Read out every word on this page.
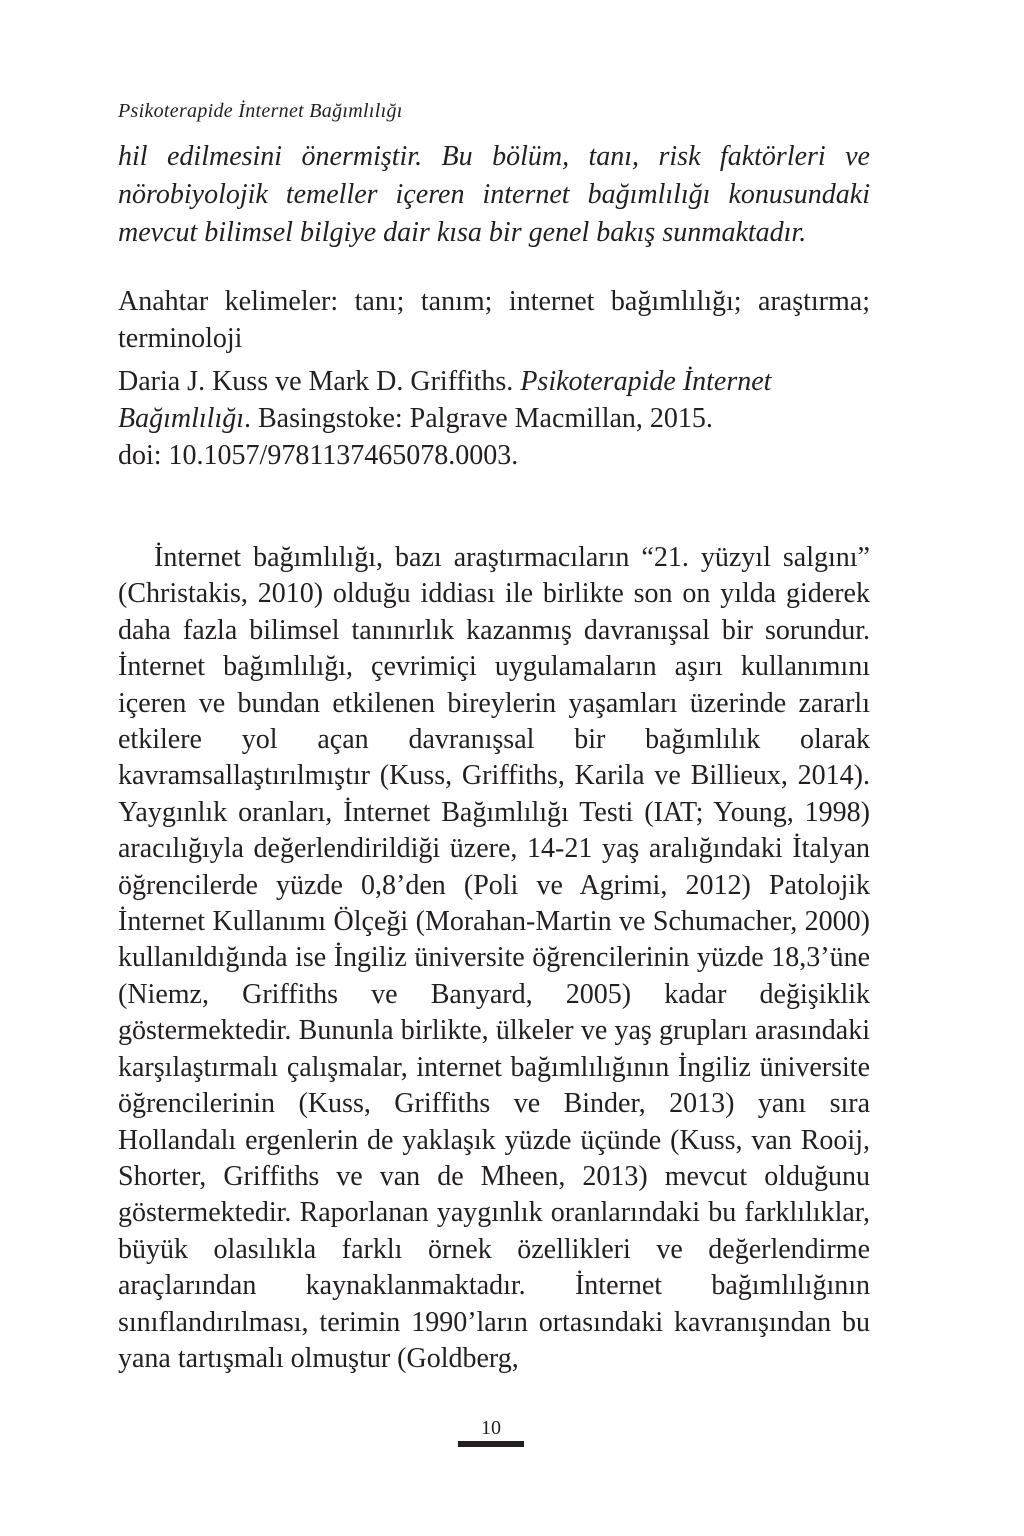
Psikoterapide İnternet Bağımlılığı
hil edilmesini önermiştir. Bu bölüm, tanı, risk faktörleri ve nörobiyolojik temeller içeren internet bağımlılığı konusundaki mevcut bilimsel bilgiye dair kısa bir genel bakış sunmaktadır.
Anahtar kelimeler: tanı; tanım; internet bağımlılığı; araştırma; terminoloji
Daria J. Kuss ve Mark D. Griffiths. Psikoterapide İnternet Bağımlılığı. Basingstoke: Palgrave Macmillan, 2015.
doi: 10.1057/9781137465078.0003.

İnternet bağımlılığı, bazı araştırmacıların “21. yüzyıl salgını” (Christakis, 2010) olduğu iddiası ile birlikte son on yılda giderek daha fazla bilimsel tanınırlık kazanmış davranışsal bir sorundur. İnternet bağımlılığı, çevrimiçi uygulamaların aşırı kullanımını içeren ve bundan etkilenen bireylerin yaşamları üzerinde zararlı etkilere yol açan davranışsal bir bağımlılık olarak kavramsallaştırılmıştır (Kuss, Griffiths, Karila ve Billieux, 2014). Yaygınlık oranları, İnternet Bağımlılığı Testi (IAT; Young, 1998) aracılığıyla değerlendirildiği üzere, 14-21 yaş aralığındaki İtalyan öğrencilerde yüzde 0,8’den (Poli ve Agrimi, 2012) Patolojik İnternet Kullanımı Ölçeği (Morahan-Martin ve Schumacher, 2000) kullanıldığında ise İngiliz üniversite öğrencilerinin yüzde 18,3’üne (Niemz, Griffiths ve Banyard, 2005) kadar değişiklik göstermektedir. Bununla birlikte, ülkeler ve yaş grupları arasındaki karşılaştırmalı çalışmalar, internet bağımlılığının İngiliz üniversite öğrencilerinin (Kuss, Griffiths ve Binder, 2013) yanı sıra Hollandalı ergenlerin de yaklaşık yüzde üçünde (Kuss, van Rooij, Shorter, Griffiths ve van de Mheen, 2013) mevcut olduğunu göstermektedir. Raporlanan yaygınlık oranlarındaki bu farklılıklar, büyük olasılıkla farklı örnek özellikleri ve değerlendirme araçlarından kaynaklanmaktadır. İnternet bağımlılığının sınıflandırılması, terimin 1990’ların ortasındaki kavranışından bu yana tartışmalı olmuştur (Goldberg,

10
